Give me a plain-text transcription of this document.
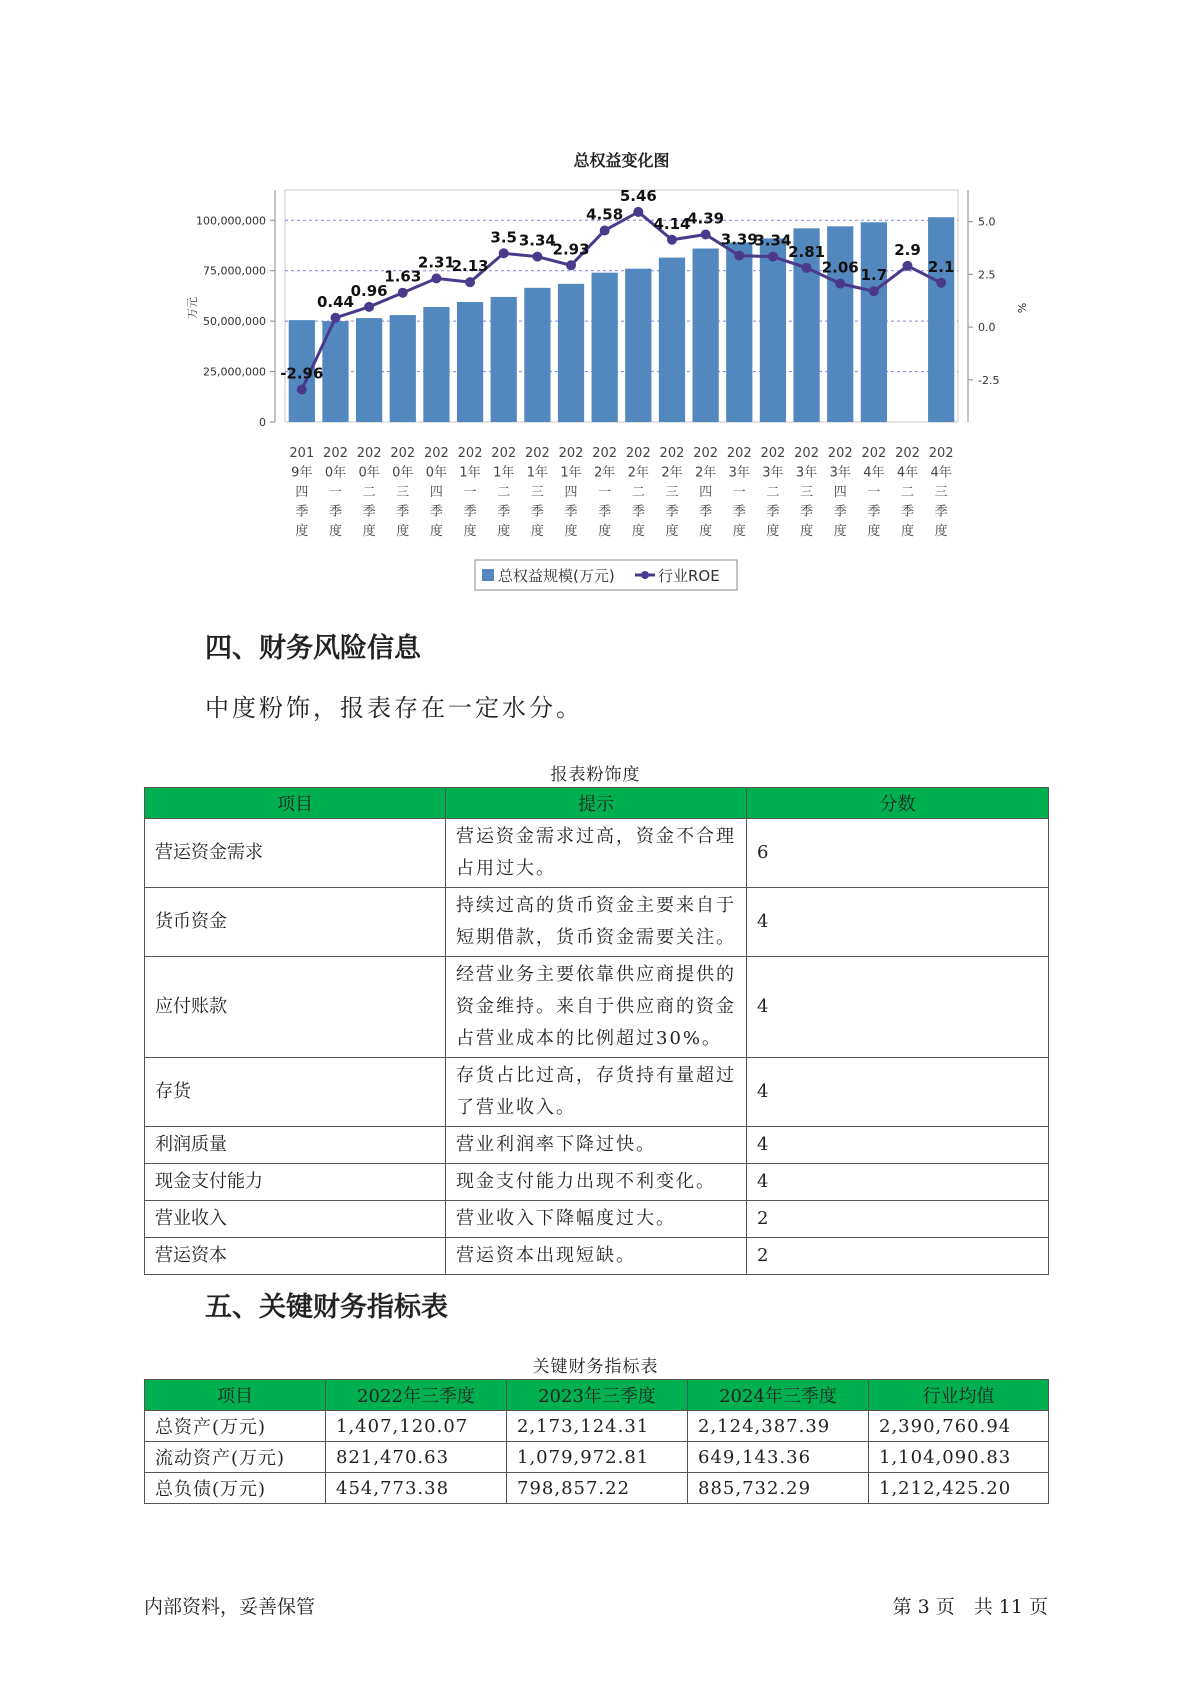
总权益变化图
100,000,000
75,000,000
50,000,000
25,000,000
0
万元
5.0
2.5
0.0
-2.5
%
-2.96
0.44
0.96
1.63
2.31
2.13
3.5 3.34
2.93
4.58
5.46
4.14
4.39
3.39
3.34
2.81
2.06 1.7
2.9
2.1
201
9年
四
季
度
202
0年
一
季
度
202
0年
二
季
度
202
0年
三
季
度
202
0年
四
季
度
202
1年
一
季
度
202
1年
二
季
度
202
1年
三
季
度
202
1年
四
季
度
202
2年
一
季
度
202
2年
二
季
度
202
2年
三
季
度
202
2年
四
季
度
202
3年
一
季
度
202
3年
二
季
度
202
3年
三
季
度
202
3年
四
季
度
202
4年
一
季
度
202
4年
二
季
度
202
4年
三
季
度
总权益规模(万元)	行业ROE
四、财务风险信息

中度粉饰，报表存在一定水分。

报表粉饰度
项目	提示	分数
营运资金需求	营运资金需求过高，资金不合理占用过大。	6
货币资金	持续过高的货币资金主要来自于短期借款，货币资金需要关注。	4
应付账款	经营业务主要依靠供应商提供的资金维持。来自于供应商的资金占营业成本的比例超过30%。	4
存货	存货占比过高，存货持有量超过了营业收入。	4
利润质量	营业利润率下降过快。	4
现金支付能力	现金支付能力出现不利变化。	4
营业收入	营业收入下降幅度过大。	2
营运资本	营运资本出现短缺。	2
五、关键财务指标表
关键财务指标表
项目	2022年三季度	2023年三季度	2024年三季度	行业均值
总资产(万元)	1,407,120.07	2,173,124.31	2,124,387.39	2,390,760.94
流动资产(万元)	821,470.63	1,079,972.81	649,143.36	1,104,090.83
总负债(万元)	454,773.38	798,857.22	885,732.29	1,212,425.20
内部资料，妥善保管	第 3 页　共 11 页
